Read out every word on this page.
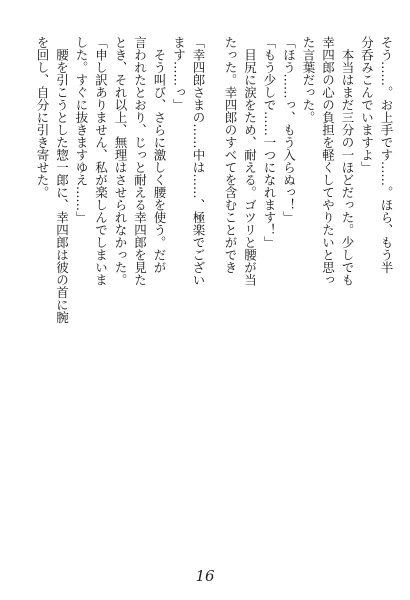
そう……。お上手です……。ほら、もう半

分呑みこんでいますよ」

　本当はまだ三分の一ほどだった。少しでも

幸四郎の心の負担を軽くしてやりたいと思っ

た言葉だった。

「ほう……っ、もう入らぬっ！」

「もう少しで……一つになれます！」

　目尻に涙をため、耐える。ゴツリと腰が当

たった。幸四郎のすべてを含むことができ

「幸四郎さまの……中は……、極楽でござい

ます……っ」

　そう叫び、さらに激しく腰を使う。だが

言われたとおり、じっと耐える幸四郎を見た

とき、それ以上、無理はさせられなかった。

「申し訳ありません、私が楽しんでしまいま

した。すぐに抜きますゆえ……」

　腰を引こうとした惣一郎に、幸四郎は彼の首に腕

を回し、自分に引き寄せた。

16
